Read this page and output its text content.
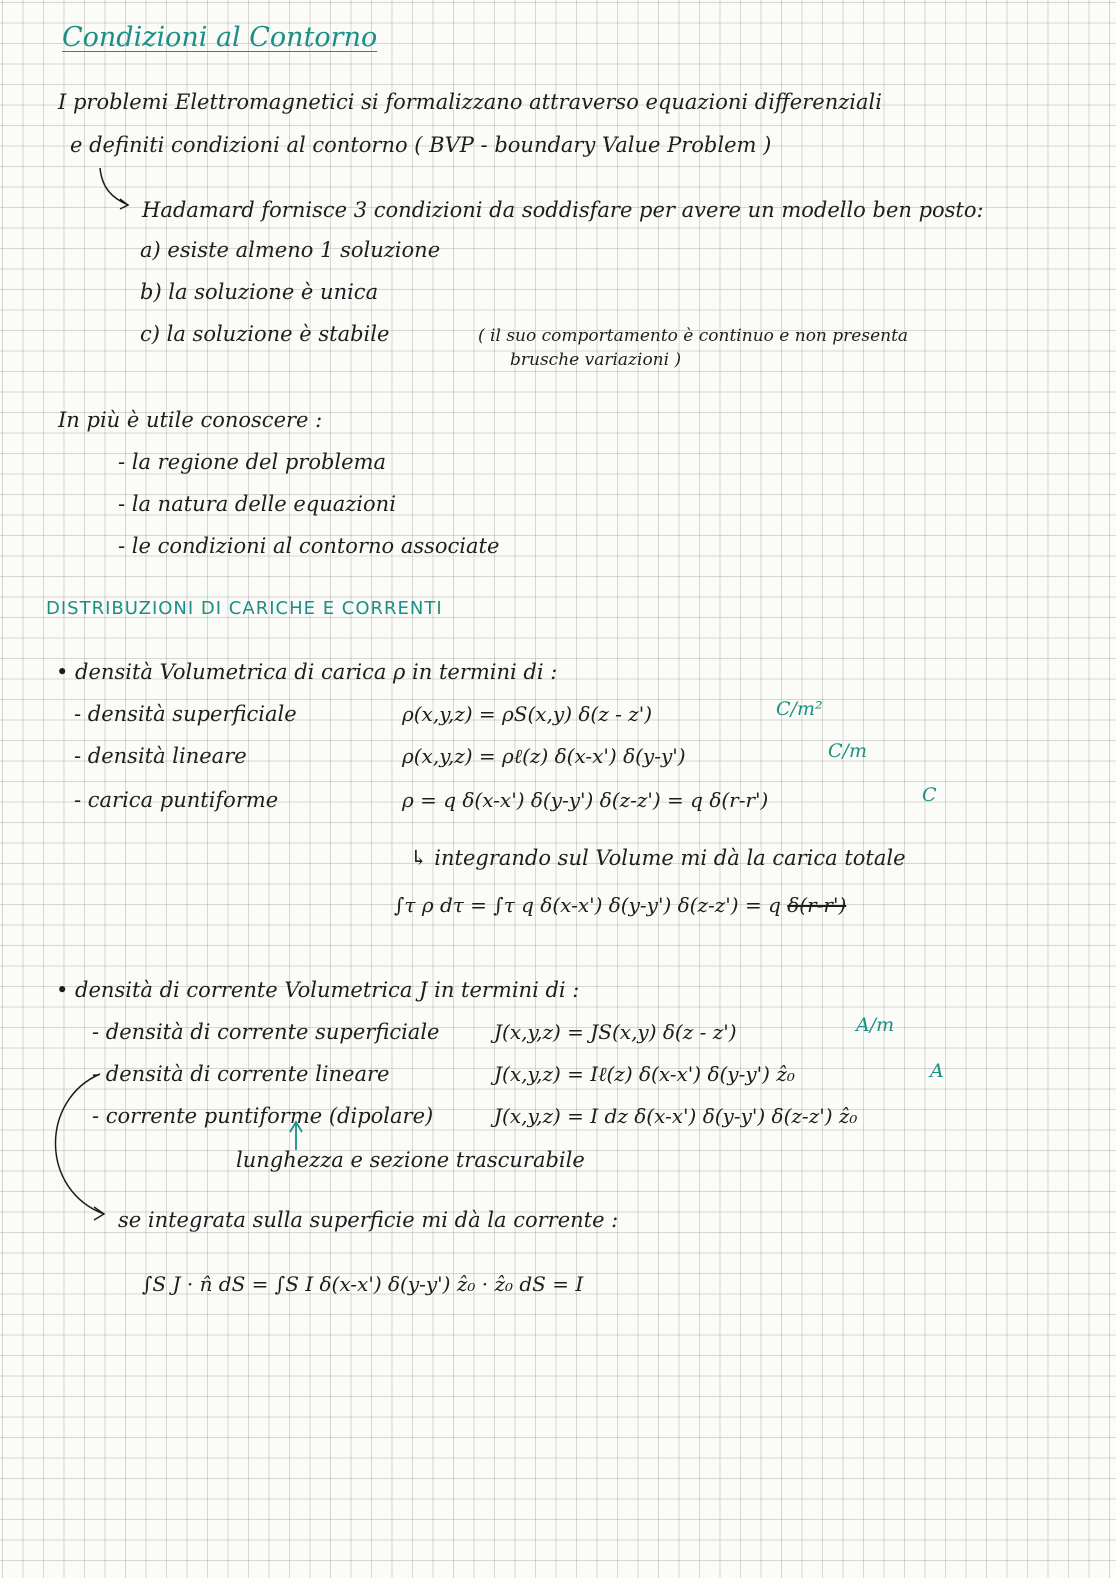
Condizioni al Contorno
I problemi Elettromagnetici si formalizzano attraverso equazioni differenziali
e definiti condizioni al contorno ( BVP - boundary Value Problem )
Hadamard fornisce 3 condizioni da soddisfare per avere un modello ben posto:
a) esiste almeno 1 soluzione
b) la soluzione è unica
c) la soluzione è stabile	( il suo comportamento è continuo e non presenta
brusche variazioni )
In più è utile conoscere :
- la regione del problema
- la natura delle equazioni
- le condizioni al contorno associate
DISTRIBUZIONI DI CARICHE E CORRENTI
• densità Volumetrica di carica ρ in termini di :
- densità superficiale	ρ(x,y,z) = ρS(x,y) δ(z - z')	C/m²
- densità lineare	ρ(x,y,z) = ρℓ(z) δ(x-x') δ(y-y')	C/m
- carica puntiforme	ρ = q δ(x-x') δ(y-y') δ(z-z') = q δ(r-r')	C
↳ integrando sul Volume mi dà la carica totale
∫τ ρ dτ = ∫τ q δ(x-x') δ(y-y') δ(z-z') = q δ(r-r')
• densità di corrente Volumetrica J in termini di :
- densità di corrente superficiale	J(x,y,z) = JS(x,y) δ(z - z')	A/m
- densità di corrente lineare	J(x,y,z) = Iℓ(z) δ(x-x') δ(y-y') ẑ₀	A
- corrente puntiforme (dipolare)	J(x,y,z) = I dz δ(x-x') δ(y-y') δ(z-z') ẑ₀
lunghezza e sezione trascurabile
se integrata sulla superficie mi dà la corrente :
∫S J · n̂ dS = ∫S I δ(x-x') δ(y-y') ẑ₀ · ẑ₀ dS = I
